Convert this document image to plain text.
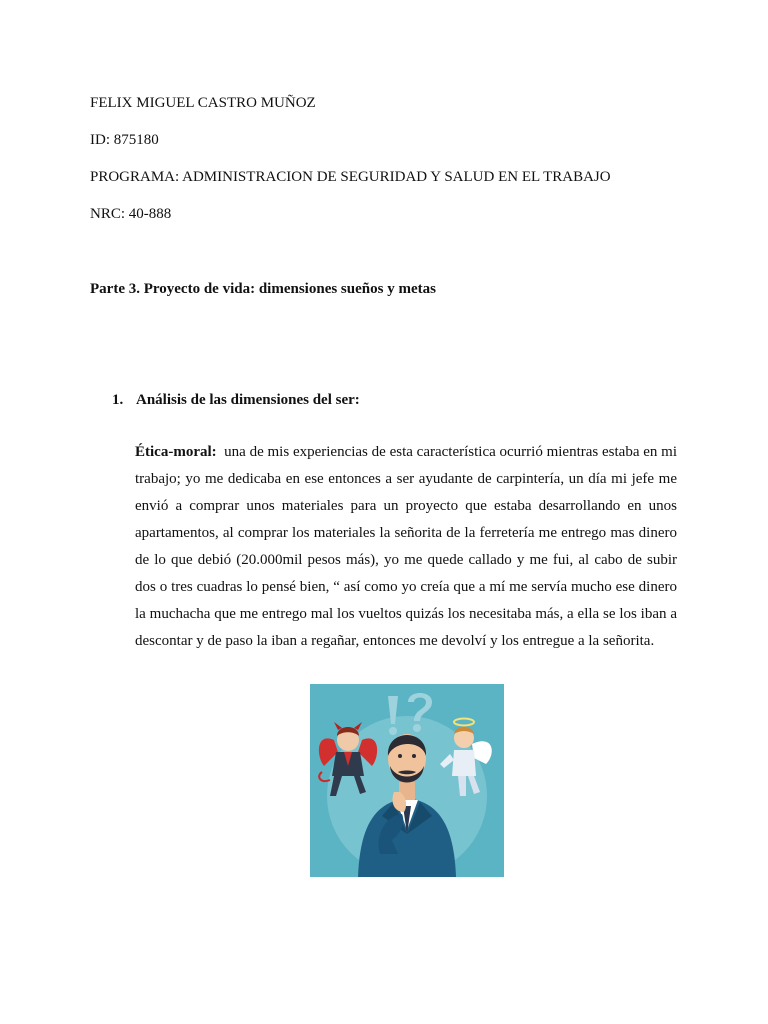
FELIX MIGUEL CASTRO MUÑOZ
ID: 875180
PROGRAMA: ADMINISTRACION DE SEGURIDAD Y SALUD EN EL TRABAJO
NRC: 40-888
Parte 3. Proyecto de vida: dimensiones sueños y metas
1. Análisis de las dimensiones del ser:

Ética-moral: una de mis experiencias de esta característica ocurrió mientras estaba en mi trabajo; yo me dedicaba en ese entonces a ser ayudante de carpintería, un día mi jefe me envió a comprar unos materiales para un proyecto que estaba desarrollando en unos apartamentos, al comprar los materiales la señorita de la ferretería me entrego mas dinero de lo que debió (20.000mil pesos más), yo me quede callado y me fui, al cabo de subir dos o tres cuadras lo pensé bien, “ así como yo creía que a mí me servía mucho ese dinero la muchacha que me entrego mal los vueltos quizás los necesitaba más, a ella se los iban a descontar y de paso la iban a regañar, entonces me devolví y los entregue a la señorita.
